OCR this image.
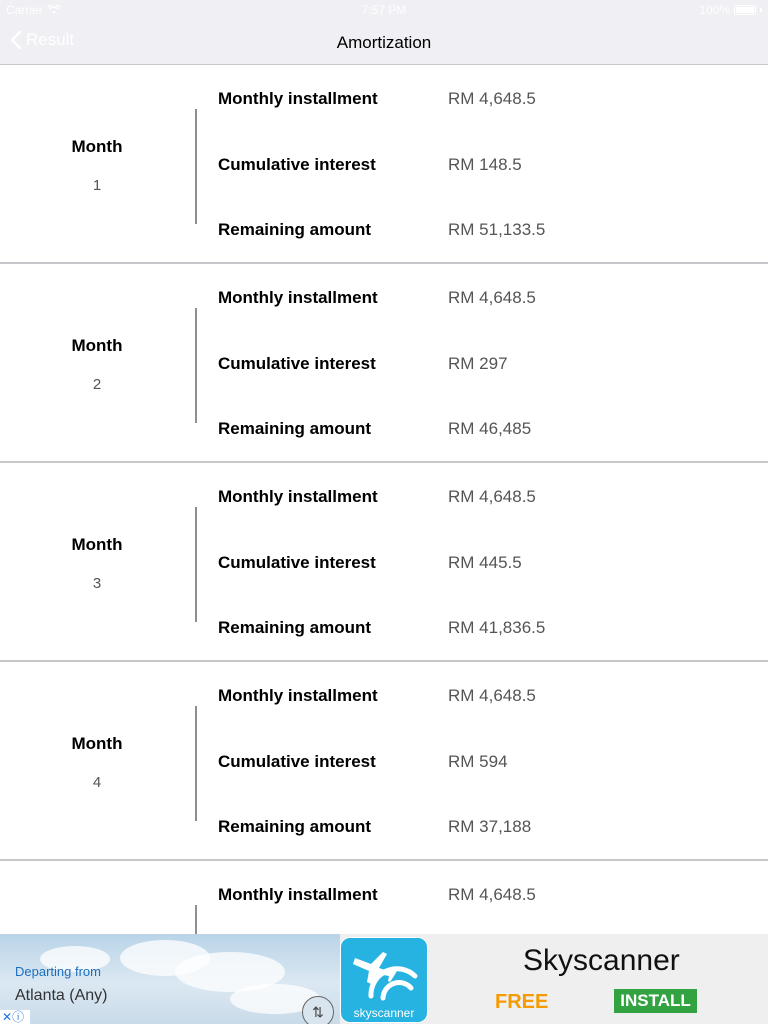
Carrier	7:57 PM	100%
Result	Amortization
Month
1
Monthly installment	RM 4,648.5
Cumulative interest	RM 148.5
Remaining amount	RM 51,133.5
Month
2
Monthly installment	RM 4,648.5
Cumulative interest	RM 297
Remaining amount	RM 46,485
Month
3
Monthly installment	RM 4,648.5
Cumulative interest	RM 445.5
Remaining amount	RM 41,836.5
Month
4
Monthly installment	RM 4,648.5
Cumulative interest	RM 594
Remaining amount	RM 37,188
Monthly installment	RM 4,648.5
Departing from
Atlanta (Any)
⇅
✕ⓘ	skyscanner
Skyscanner
FREE	INSTALL
